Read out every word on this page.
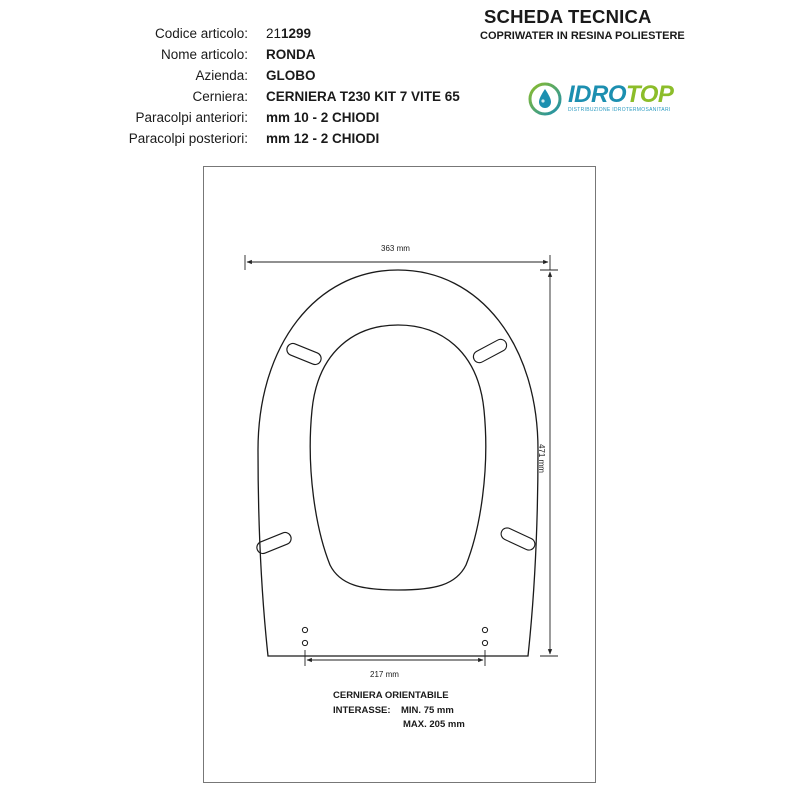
SCHEDA TECNICA
COPRIWATER IN RESINA POLIESTERE
Codice articolo: 211299
Nome articolo: RONDA
Azienda: GLOBO
Cerniera: CERNIERA T230 KIT 7 VITE 65
Paracolpi anteriori: mm 10 - 2 CHIODI
Paracolpi posteriori: mm 12 - 2 CHIODI
IDROTOP
DISTRIBUZIONE IDROTERMOSANITARI
363 mm
471 mm
217 mm
CERNIERA ORIENTABILE
INTERASSE: MIN. 75 mm
MAX. 205 mm
